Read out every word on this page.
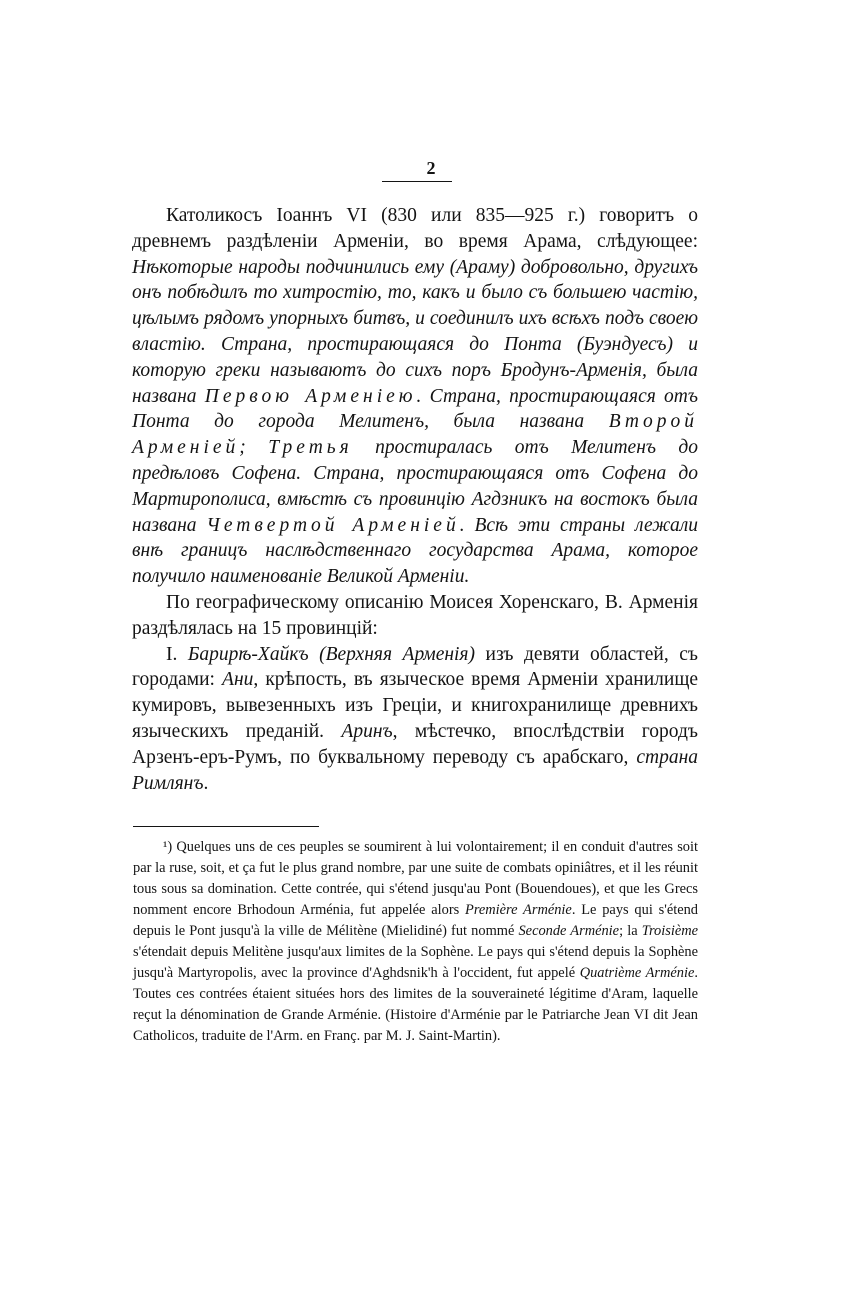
2

Католикосъ Іоаннъ VI (830 или 835—925 г.) говоритъ о древнемъ раздѣленіи Арменіи, во время Арама, слѣдующее: Нѣкоторые народы подчинились ему (Араму) добровольно, другихъ онъ побѣдилъ то хитростію, то, какъ и было съ большею частію, цѣлымъ рядомъ упорныхъ битвъ, и соединилъ ихъ всѣхъ подъ своею властію. Страна, простирающаяся до Понта (Буэндуесъ) и которую греки называютъ до сихъ поръ Бродунъ-Арменія, была названа Первою Арменіею. Страна, простирающаяся отъ Понта до города Мелитенъ, была названа Второй Арменіей; Третья простиралась отъ Мелитенъ до предѣловъ Софена. Страна, простирающаяся отъ Софена до Мартирополиса, вмѣстѣ съ провинцію Агдзникъ на востокъ была названа Четвертой Арменіей. Всѣ эти страны лежали внѣ границъ наслѣдственнаго государства Арама, которое получило наименованіе Великой Арменіи.

По географическому описанію Моисея Хоренскаго, В. Арменія раздѣлялась на 15 провинцій:

I. Барирѣ-Хайкъ (Верхняя Арменія) изъ девяти областей, съ городами: Ани, крѣпость, въ языческое время Арменіи хранилище кумировъ, вывезенныхъ изъ Греціи, и книгохранилище древнихъ языческихъ преданій. Аринъ, мѣстечко, впослѣдствіи городъ Арзенъ-еръ-Румъ, по буквальному переводу съ арабскаго, страна Римлянъ.

¹) Quelques uns de ces peuples se soumirent à lui volontairement; il en conduit d'autres soit par la ruse, soit, et ça fut le plus grand nombre, par une suite de combats opiniâtres, et il les réunit tous sous sa domination. Cette contrée, qui s'étend jusqu'au Pont (Bouendoues), et que les Grecs nomment encore Brhodoun Arménia, fut appelée alors Première Arménie. Le pays qui s'étend depuis le Pont jusqu'à la ville de Mélitène (Mielidiné) fut nommé Seconde Arménie; la Troisième s'étendait depuis Melitène jusqu'aux limites de la Sophène. Le pays qui s'étend depuis la Sophène jusqu'à Martyropolis, avec la province d'Aghdsnik'h à l'occident, fut appelé Quatrième Arménie. Toutes ces contrées étaient situées hors des limites de la souveraineté légitime d'Aram, laquelle reçut la dénomination de Grande Arménie. (Histoire d'Arménie par le Patriarche Jean VI dit Jean Catholicos, traduite de l'Arm. en Franç. par M. J. Saint-Martin).
